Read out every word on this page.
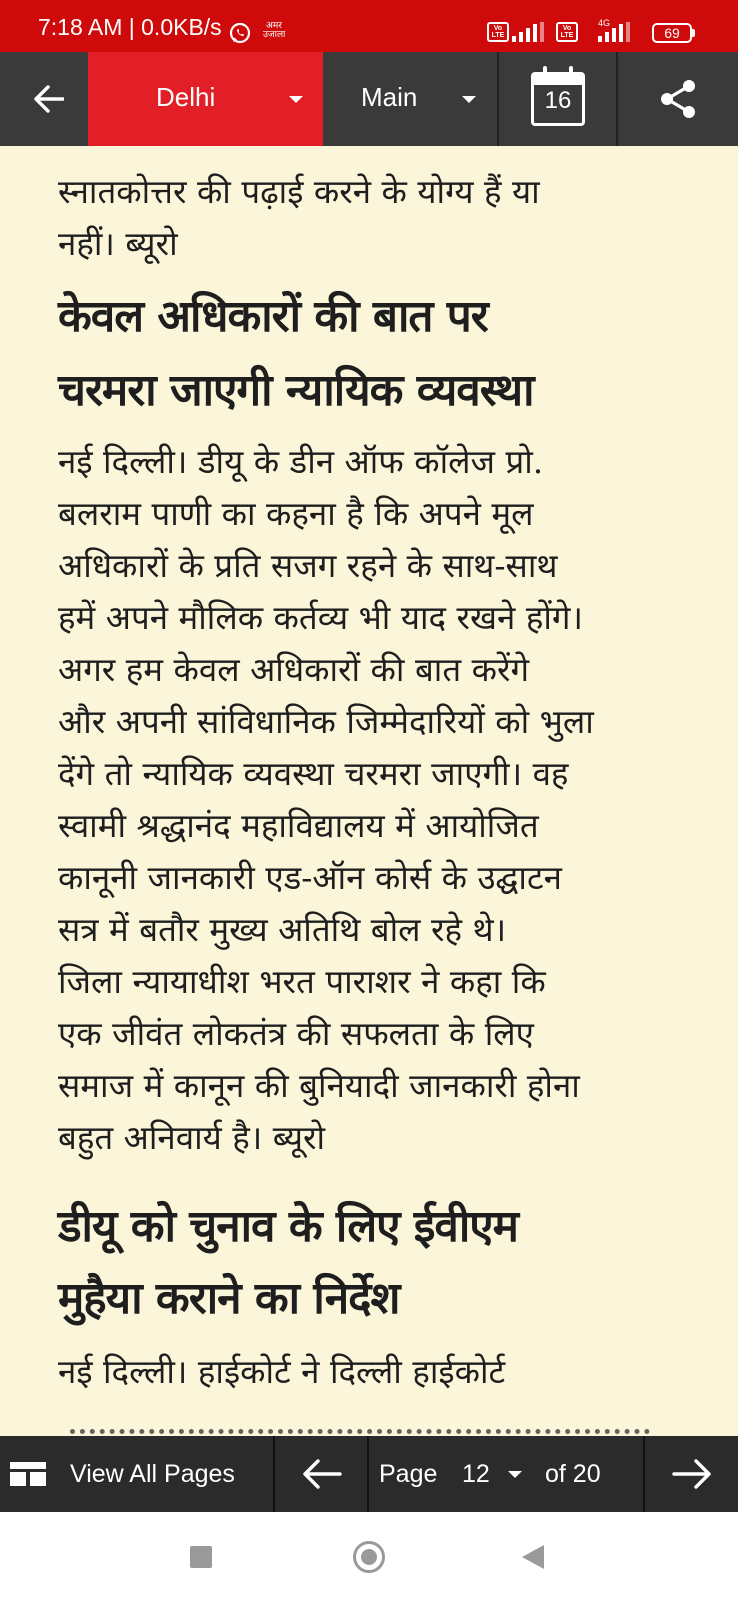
7:18 AM | 0.0KB/s	अमर उजाला
Vo LTE
Vo LTE
4G
69
Delhi	Main	16
स्नातकोत्तर की पढ़ाई करने के योग्य हैं या
नहीं। ब्यूरो
केवल अधिकारों की बात पर
चरमरा जाएगी न्यायिक व्यवस्था
नई दिल्ली। डीयू के डीन ऑफ कॉलेज प्रो.
बलराम पाणी का कहना है कि अपने मूल
अधिकारों के प्रति सजग रहने के साथ-साथ
हमें अपने मौलिक कर्तव्य भी याद रखने होंगे।
अगर हम केवल अधिकारों की बात करेंगे
और अपनी सांविधानिक जिम्मेदारियों को भुला
देंगे तो न्यायिक व्यवस्था चरमरा जाएगी। वह
स्वामी श्रद्धानंद महाविद्यालय में आयोजित
कानूनी जानकारी एड-ऑन कोर्स के उद्घाटन
सत्र में बतौर मुख्य अतिथि बोल रहे थे।
जिला न्यायाधीश भरत पाराशर ने कहा कि
एक जीवंत लोकतंत्र की सफलता के लिए
समाज में कानून की बुनियादी जानकारी होना
बहुत अनिवार्य है। ब्यूरो
डीयू को चुनाव के लिए ईवीएम
मुहैया कराने का निर्देश
नई दिल्ली। हाईकोर्ट ने दिल्ली हाईकोर्ट
View All Pages	Page 12 of 20
